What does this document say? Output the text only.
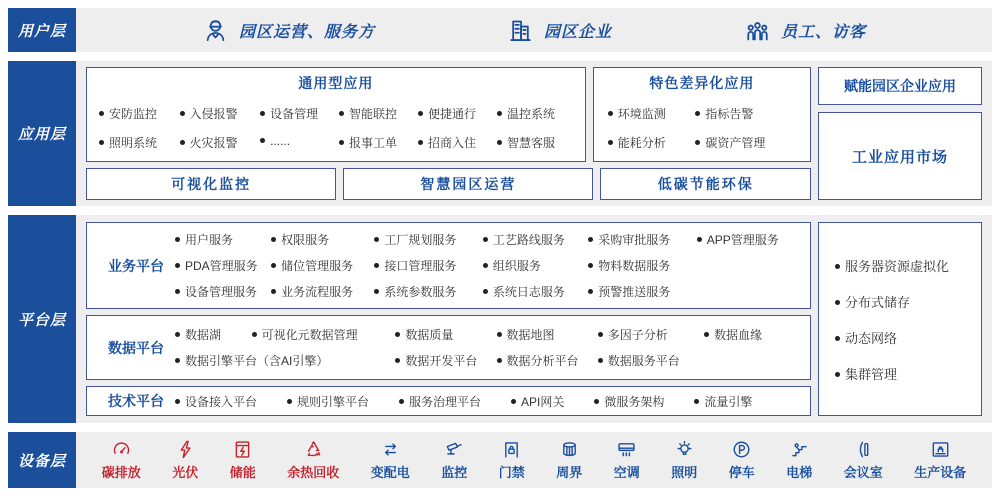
用户层	园区运营、服务方	园区企业	员工、访客
应用层
通用型应用
安防监控	入侵报警	设备管理	智能联控	便捷通行	温控系统
照明系统	火灾报警	......	报事工单	招商入住	智慧客服
特色差异化应用
环境监测	指标告警
能耗分析	碳资产管理
可视化监控	智慧园区运营	低碳节能环保
赋能园区企业应用
工业应用市场
平台层
业务平台
用户服务	权限服务	工厂规划服务	工艺路线服务	采购审批服务	APP管理服务
PDA管理服务	储位管理服务	接口管理服务	组织服务	物料数据服务
设备管理服务	业务流程服务	系统参数服务	系统日志服务	预警推送服务
数据平台
数据湖	可视化元数据管理	数据质量	数据地图	多因子分析	数据血缘
数据引擎平台（含AI引擎）	数据开发平台	数据分析平台	数据服务平台
技术平台	设备接入平台	规则引擎平台	服务治理平台	API网关	微服务架构	流量引擎
服务器资源虚拟化
分布式储存
动态网络
集群管理
设备层
碳排放 光伏 储能 余热回收 变配电 监控 门禁 周界 空调 照明 停车 电梯 会议室 生产设备
